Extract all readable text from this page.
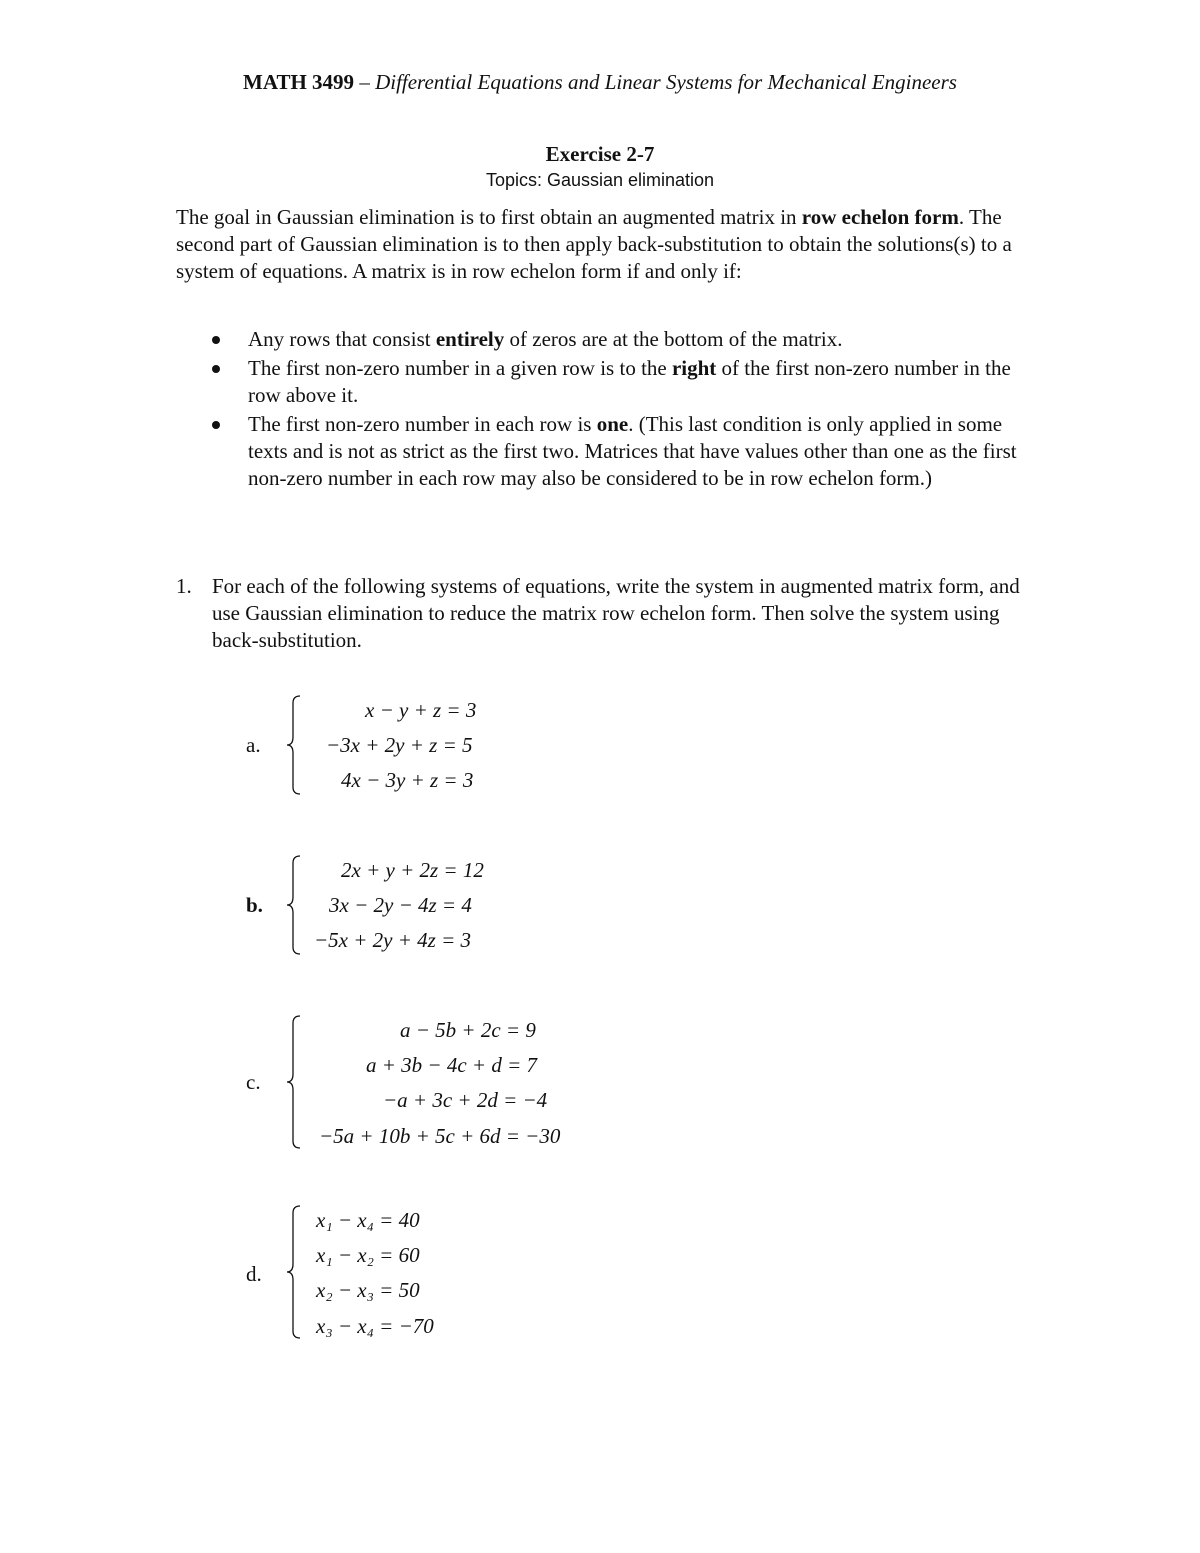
MATH 3499 – Differential Equations and Linear Systems for Mechanical Engineers
Exercise 2-7
Topics: Gaussian elimination

The goal in Gaussian elimination is to first obtain an augmented matrix in row echelon form. The second part of Gaussian elimination is to then apply back-substitution to obtain the solutions(s) to a system of equations. A matrix is in row echelon form if and only if:

Any rows that consist entirely of zeros are at the bottom of the matrix.
The first non-zero number in a given row is to the right of the first non-zero number in the row above it.
The first non-zero number in each row is one. (This last condition is only applied in some texts and is not as strict as the first two. Matrices that have values other than one as the first non-zero number in each row may also be considered to be in row echelon form.)
1. For each of the following systems of equations, write the system in augmented matrix form, and use Gaussian elimination to reduce the matrix row echelon form. Then solve the system using back-substitution.
a.
x − y + z = 3
−3x + 2y + z = 5
4x − 3y + z = 3
b.
2x + y + 2z = 12
3x − 2y − 4z = 4
−5x + 2y + 4z = 3
c.
a − 5b + 2c = 9
a + 3b − 4c + d = 7
−a + 3c + 2d = −4
−5a + 10b + 5c + 6d = −30
d.
x₁ − x₄ = 40
x₁ − x₂ = 60
x₂ − x₃ = 50
x₃ − x₄ = −70
